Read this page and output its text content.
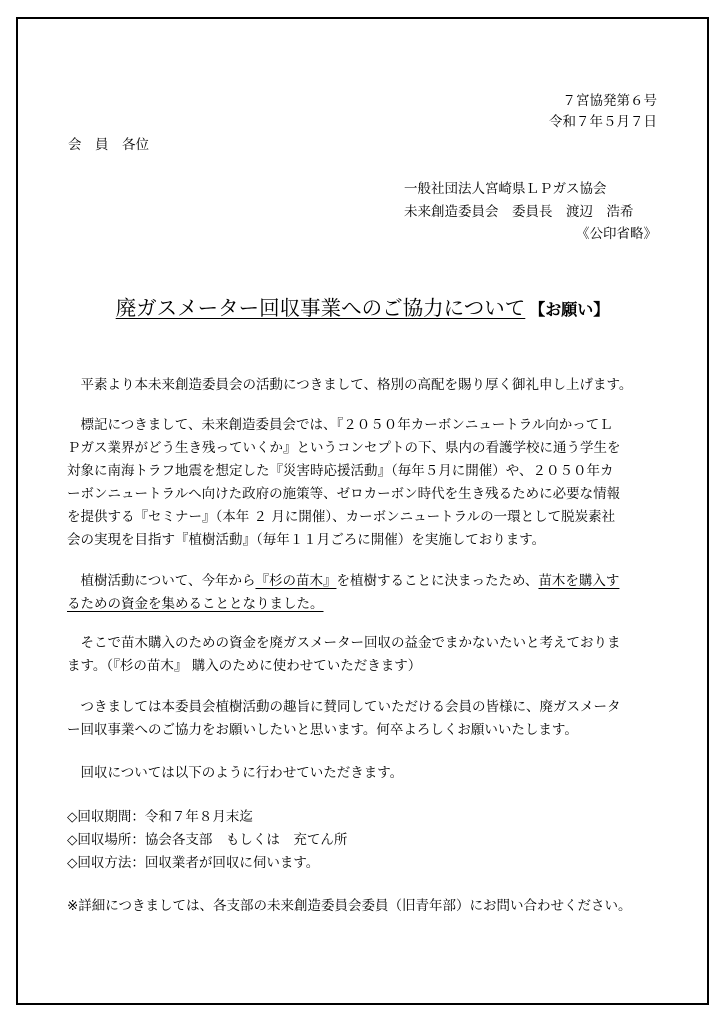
７宮協発第６号
令和７年５月７日
会　員　各位
一般社団法人宮崎県ＬＰガス協会
未来創造委員会　委員長　渡辺　浩希
《公印省略》
廃ガスメーター回収事業へのご協力について 【お願い】
　平素より本未来創造委員会の活動につきまして、格別の高配を賜り厚く御礼申し上げます。
　標記につきまして、未来創造委員会では、『２０５０年カーボンニュートラル向かってＬ
Ｐガス業界がどう生き残っていくか』というコンセプトの下、県内の看護学校に通う学生を
対象に南海トラフ地震を想定した『災害時応援活動』（毎年５月に開催）や、２０５０年カ
ーボンニュートラルへ向けた政府の施策等、ゼロカーボン時代を生き残るために必要な情報
を提供する『セミナー』（本年 ２ 月に開催）、カーボンニュートラルの一環として脱炭素社
会の実現を目指す『植樹活動』（毎年１１月ごろに開催）を実施しております。
　植樹活動について、今年から『杉の苗木』を植樹することに決まったため、苗木を購入す
るための資金を集めることとなりました。
　そこで苗木購入のための資金を廃ガスメーター回収の益金でまかないたいと考えておりま
ます。（『杉の苗木』 購入のために使わせていただきます）
　つきましては本委員会植樹活動の趣旨に賛同していただける会員の皆様に、廃ガスメータ
ー回収事業へのご協力をお願いしたいと思います。何卒よろしくお願いいたします。
　回収については以下のように行わせていただきます。
◇回収期間：令和７年８月末迄
◇回収場所：協会各支部　もしくは　充てん所
◇回収方法：回収業者が回収に伺います。
※詳細につきましては、各支部の未来創造委員会委員（旧青年部）にお問い合わせください。
